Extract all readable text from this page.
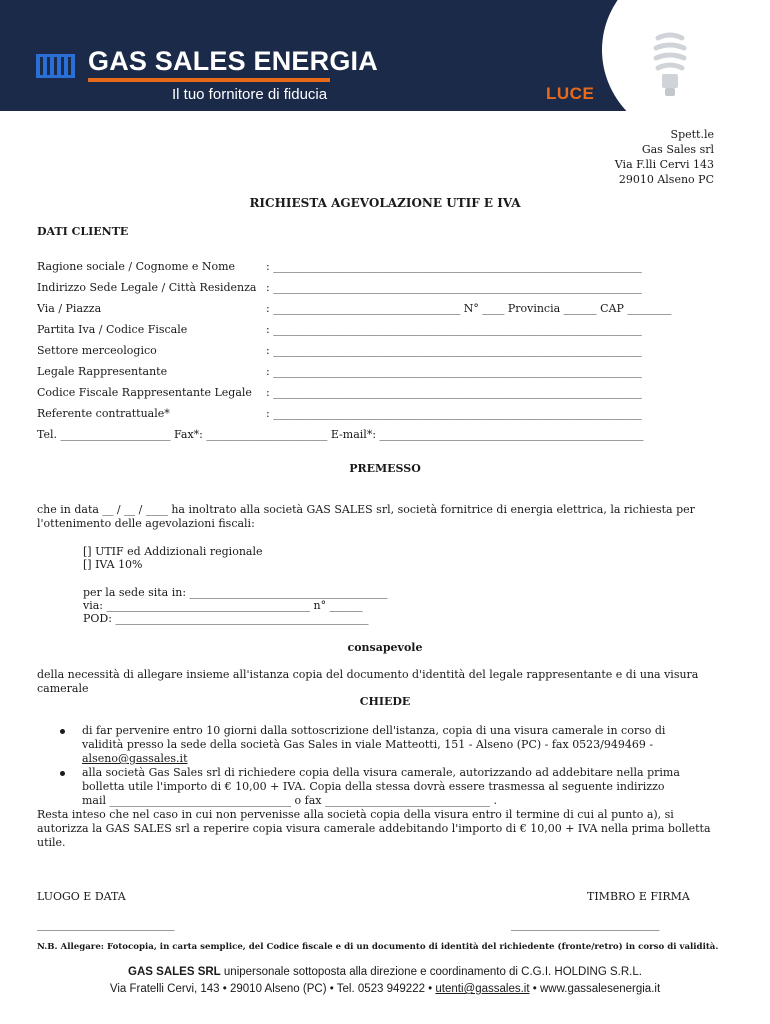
GAS SALES ENERGIA
Il tuo fornitore di fiducia	LUCE
Spett.le
Gas Sales srl
Via F.lli Cervi 143
29010 Alseno PC
RICHIESTA AGEVOLAZIONE UTIF E IVA
DATI CLIENTE
Ragione sociale / Cognome e Nome	: ___________________________________________________________________
Indirizzo Sede Legale / Città Residenza : ___________________________________________________________________
Via / Piazza	: __________________________________ N° ____ Provincia ______ CAP ________
Partita Iva / Codice Fiscale	: ___________________________________________________________________
Settore merceologico	: ___________________________________________________________________
Legale Rappresentante	: ___________________________________________________________________
Codice Fiscale Rappresentante Legale : ___________________________________________________________________
Referente contrattuale*	: ___________________________________________________________________
Tel. ____________________ Fax*: ______________________ E-mail*: ________________________________________________
PREMESSO
che in data __ / __ / ____ ha inoltrato alla società GAS SALES srl, società fornitrice di energia elettrica, la richiesta per l'ottenimento delle agevolazioni fiscali:
[] UTIF ed Addizionali regionale
[] IVA 10%
per la sede sita in: ____________________________________
via: _____________________________________ n° ______
POD: ______________________________________________
consapevole
della necessità di allegare insieme all'istanza copia del documento d'identità del legale rappresentante e di una visura camerale
CHIEDE
di far pervenire entro 10 giorni dalla sottoscrizione dell'istanza, copia di una visura camerale in corso di validità presso la sede della società Gas Sales in viale Matteotti, 151 - Alseno (PC) - fax 0523/949469 - alseno@gassales.it
alla società Gas Sales srl di richiedere copia della visura camerale, autorizzando ad addebitare nella prima bolletta utile l'importo di € 10,00 + IVA. Copia della stessa dovrà essere trasmessa al seguente indirizzo
mail _________________________________ o fax ______________________________ .
Resta inteso che nel caso in cui non pervenisse alla società copia della visura entro il termine di cui al punto a), si autorizza la GAS SALES srl a reperire copia visura camerale addebitando l'importo di € 10,00 + IVA nella prima bolletta utile.
LUOGO E DATA	TIMBRO E FIRMA
_________________________	___________________________
N.B. Allegare: Fotocopia, in carta semplice, del Codice fiscale e di un documento di identità del richiedente (fronte/retro) in corso di validità.
GAS SALES SRL unipersonale sottoposta alla direzione e coordinamento di C.G.I. HOLDING S.R.L.
Via Fratelli Cervi, 143 • 29010 Alseno (PC) • Tel. 0523 949222 • utenti@gassales.it • www.gassalesenergia.it
